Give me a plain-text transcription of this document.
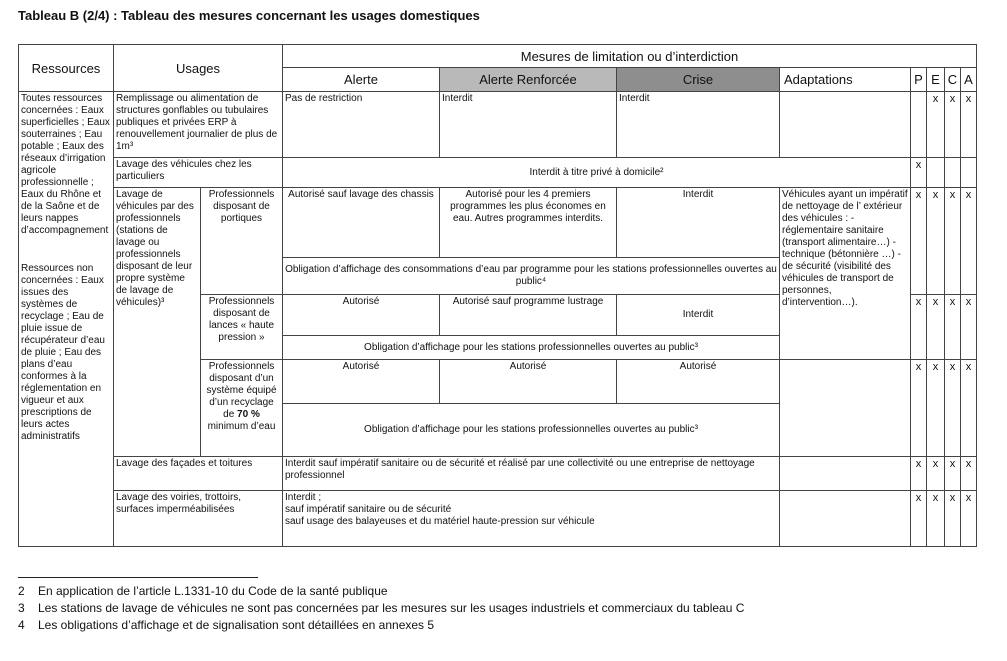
Tableau B (2/4) : Tableau des mesures concernant les usages domestiques
Ressources	Usages		Mesures de limitation ou d’interdiction							
			Alerte	Alerte Renforcée	Crise	Adaptations	P	E	C	A

Toutes ressources concernées : Eaux superficielles ; Eaux souterraines ; Eau potable ; Eaux des réseaux d’irrigation agricole professionnelle ; Eaux du Rhône et de la Saône et de leurs nappes d’accompagnement
Ressources non concernées : Eaux issues des systèmes de recyclage ; Eau de pluie issue de récupérateur d’eau de pluie ; Eau des plans d’eau conformes à la réglementation en vigueur et aux prescriptions de leurs actes administratifs	Remplissage ou alimentation de structures gonflables ou tubulaires publiques et privées ERP à renouvellement journalier de plus de 1m³		Pas de restriction	Interdit	Interdit			x	x	x
	Lavage des véhicules chez les particuliers		Interdit à titre privé à domicile²				x			
	Lavage de véhicules par des professionnels (stations de lavage ou professionnels disposant de leur propre système de lavage de véhicules)³	Professionnels disposant de portiques	Autorisé sauf lavage des chassis	Autorisé pour les 4 premiers programmes les plus économes en eau. Autres programmes interdits.	Interdit	Véhicules ayant un impératif de nettoyage de l’ extérieur des véhicules : - réglementaire sanitaire (transport alimentaire…) - technique (bétonnière …) - de sécurité (visibilité des véhicules de transport de personnes, d’intervention…).	x	x	x	x
			Obligation d’affichage des consommations d’eau par programme pour les stations professionnelles ouvertes au public⁴							
		Professionnels disposant de lances « haute pression »	Autorisé	Autorisé sauf programme lustrage	Interdit		x	x	x	x
			Obligation d’affichage pour les stations professionnelles ouvertes au public³							
		Professionnels disposant d’un système équipé d’un recyclage de 70 % minimum d’eau	Autorisé	Autorisé	Autorisé		x	x	x	x
			Obligation d’affichage pour les stations professionnelles ouvertes au public³							
	Lavage des façades et toitures		Interdit sauf impératif sanitaire ou de sécurité et réalisé par une collectivité ou une entreprise de nettoyage professionnel				x	x	x	x
	Lavage des voiries, trottoirs, surfaces imperméabilisées		Interdit ;
sauf impératif sanitaire ou de sécurité
sauf usage des balayeuses et du matériel haute-pression sur véhicule				x	x	x	x
2 En application de l’article L.1331-10 du Code de la santé publique
3 Les stations de lavage de véhicules ne sont pas concernées par les mesures sur les usages industriels et commerciaux du tableau C
4 Les obligations d’affichage et de signalisation sont détaillées en annexes 5
